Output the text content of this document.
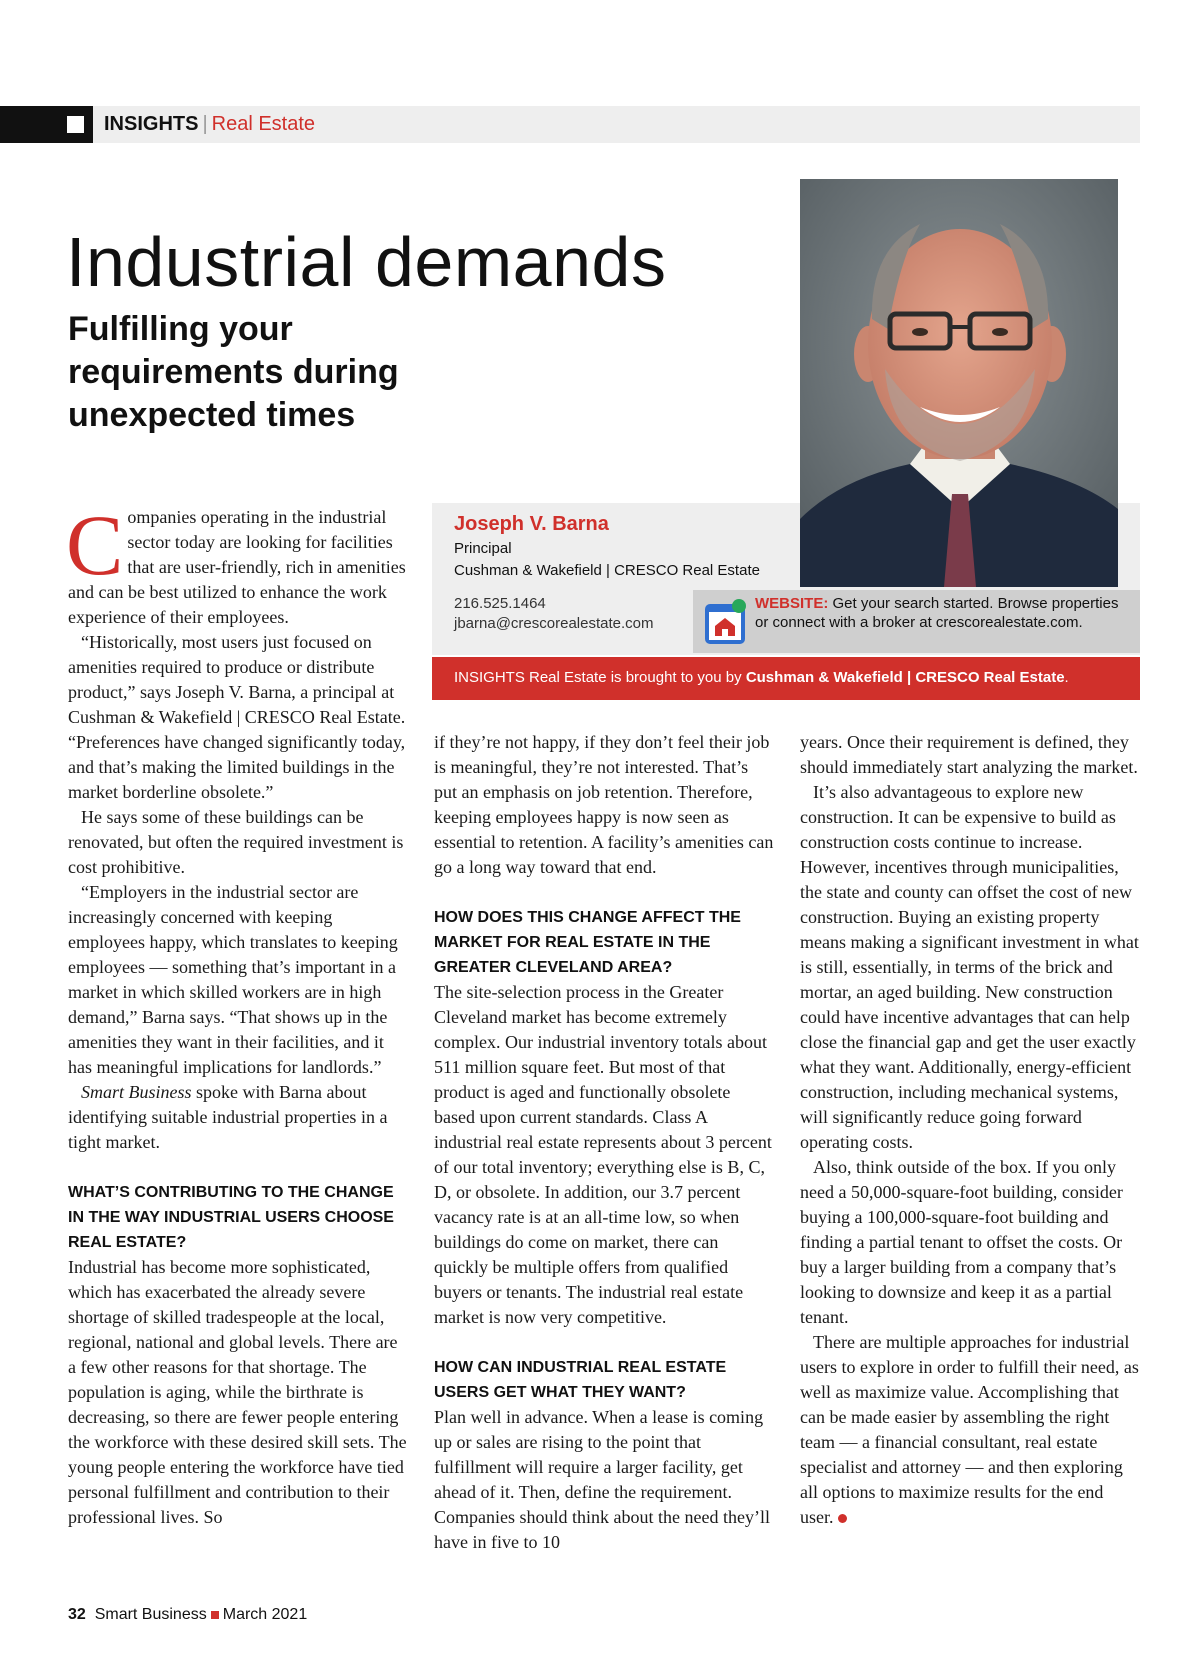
INSIGHTS | Real Estate
Industrial demands
Fulfilling your requirements during unexpected times
Joseph V. Barna
Principal
Cushman & Wakefield | CRESCO Real Estate
216.525.1464
jbarna@crescorealestate.com
WEBSITE: Get your search started. Browse properties or connect with a broker at crescorealestate.com.
INSIGHTS Real Estate is brought to you by Cushman & Wakefield | CRESCO Real Estate.

Companies operating in the industrial sector today are looking for facilities that are user-friendly, rich in amenities and can be best utilized to enhance the work experience of their employees.

“Historically, most users just focused on amenities required to produce or distribute product,” says Joseph V. Barna, a principal at Cushman & Wakefield | CRESCO Real Estate. “Preferences have changed significantly today, and that’s making the limited buildings in the market borderline obsolete.”

He says some of these buildings can be renovated, but often the required investment is cost prohibitive.

“Employers in the industrial sector are increasingly concerned with keeping employees happy, which translates to keeping employees — something that’s important in a market in which skilled workers are in high demand,” Barna says. “That shows up in the amenities they want in their facilities, and it has meaningful implications for landlords.”

Smart Business spoke with Barna about identifying suitable industrial properties in a tight market.

WHAT’S CONTRIBUTING TO THE CHANGE IN THE WAY INDUSTRIAL USERS CHOOSE REAL ESTATE?

Industrial has become more sophisticated, which has exacerbated the already severe shortage of skilled tradespeople at the local, regional, national and global levels. There are a few other reasons for that shortage. The population is aging, while the birthrate is decreasing, so there are fewer people entering the workforce with these desired skill sets. The young people entering the workforce have tied personal fulfillment and contribution to their professional lives. So

if they’re not happy, if they don’t feel their job is meaningful, they’re not interested. That’s put an emphasis on job retention. Therefore, keeping employees happy is now seen as essential to retention. A facility’s amenities can go a long way toward that end.

HOW DOES THIS CHANGE AFFECT THE MARKET FOR REAL ESTATE IN THE GREATER CLEVELAND AREA?

The site-selection process in the Greater Cleveland market has become extremely complex. Our industrial inventory totals about 511 million square feet. But most of that product is aged and functionally obsolete based upon current standards. Class A industrial real estate represents about 3 percent of our total inventory; everything else is B, C, D, or obsolete. In addition, our 3.7 percent vacancy rate is at an all-time low, so when buildings do come on market, there can quickly be multiple offers from qualified buyers or tenants. The industrial real estate market is now very competitive.

HOW CAN INDUSTRIAL REAL ESTATE USERS GET WHAT THEY WANT?

Plan well in advance. When a lease is coming up or sales are rising to the point that fulfillment will require a larger facility, get ahead of it. Then, define the requirement. Companies should think about the need they’ll have in five to 10

years. Once their requirement is defined, they should immediately start analyzing the market.

It’s also advantageous to explore new construction. It can be expensive to build as construction costs continue to increase. However, incentives through municipalities, the state and county can offset the cost of new construction. Buying an existing property means making a significant investment in what is still, essentially, in terms of the brick and mortar, an aged building. New construction could have incentive advantages that can help close the financial gap and get the user exactly what they want. Additionally, energy-efficient construction, including mechanical systems, will significantly reduce going forward operating costs.

Also, think outside of the box. If you only need a 50,000-square-foot building, consider buying a 100,000-square-foot building and finding a partial tenant to offset the costs. Or buy a larger building from a company that’s looking to downsize and keep it as a partial tenant.

There are multiple approaches for industrial users to explore in order to fulfill their need, as well as maximize value. Accomplishing that can be made easier by assembling the right team — a financial consultant, real estate specialist and attorney — and then exploring all options to maximize results for the end user.

32 Smart Business March 2021
